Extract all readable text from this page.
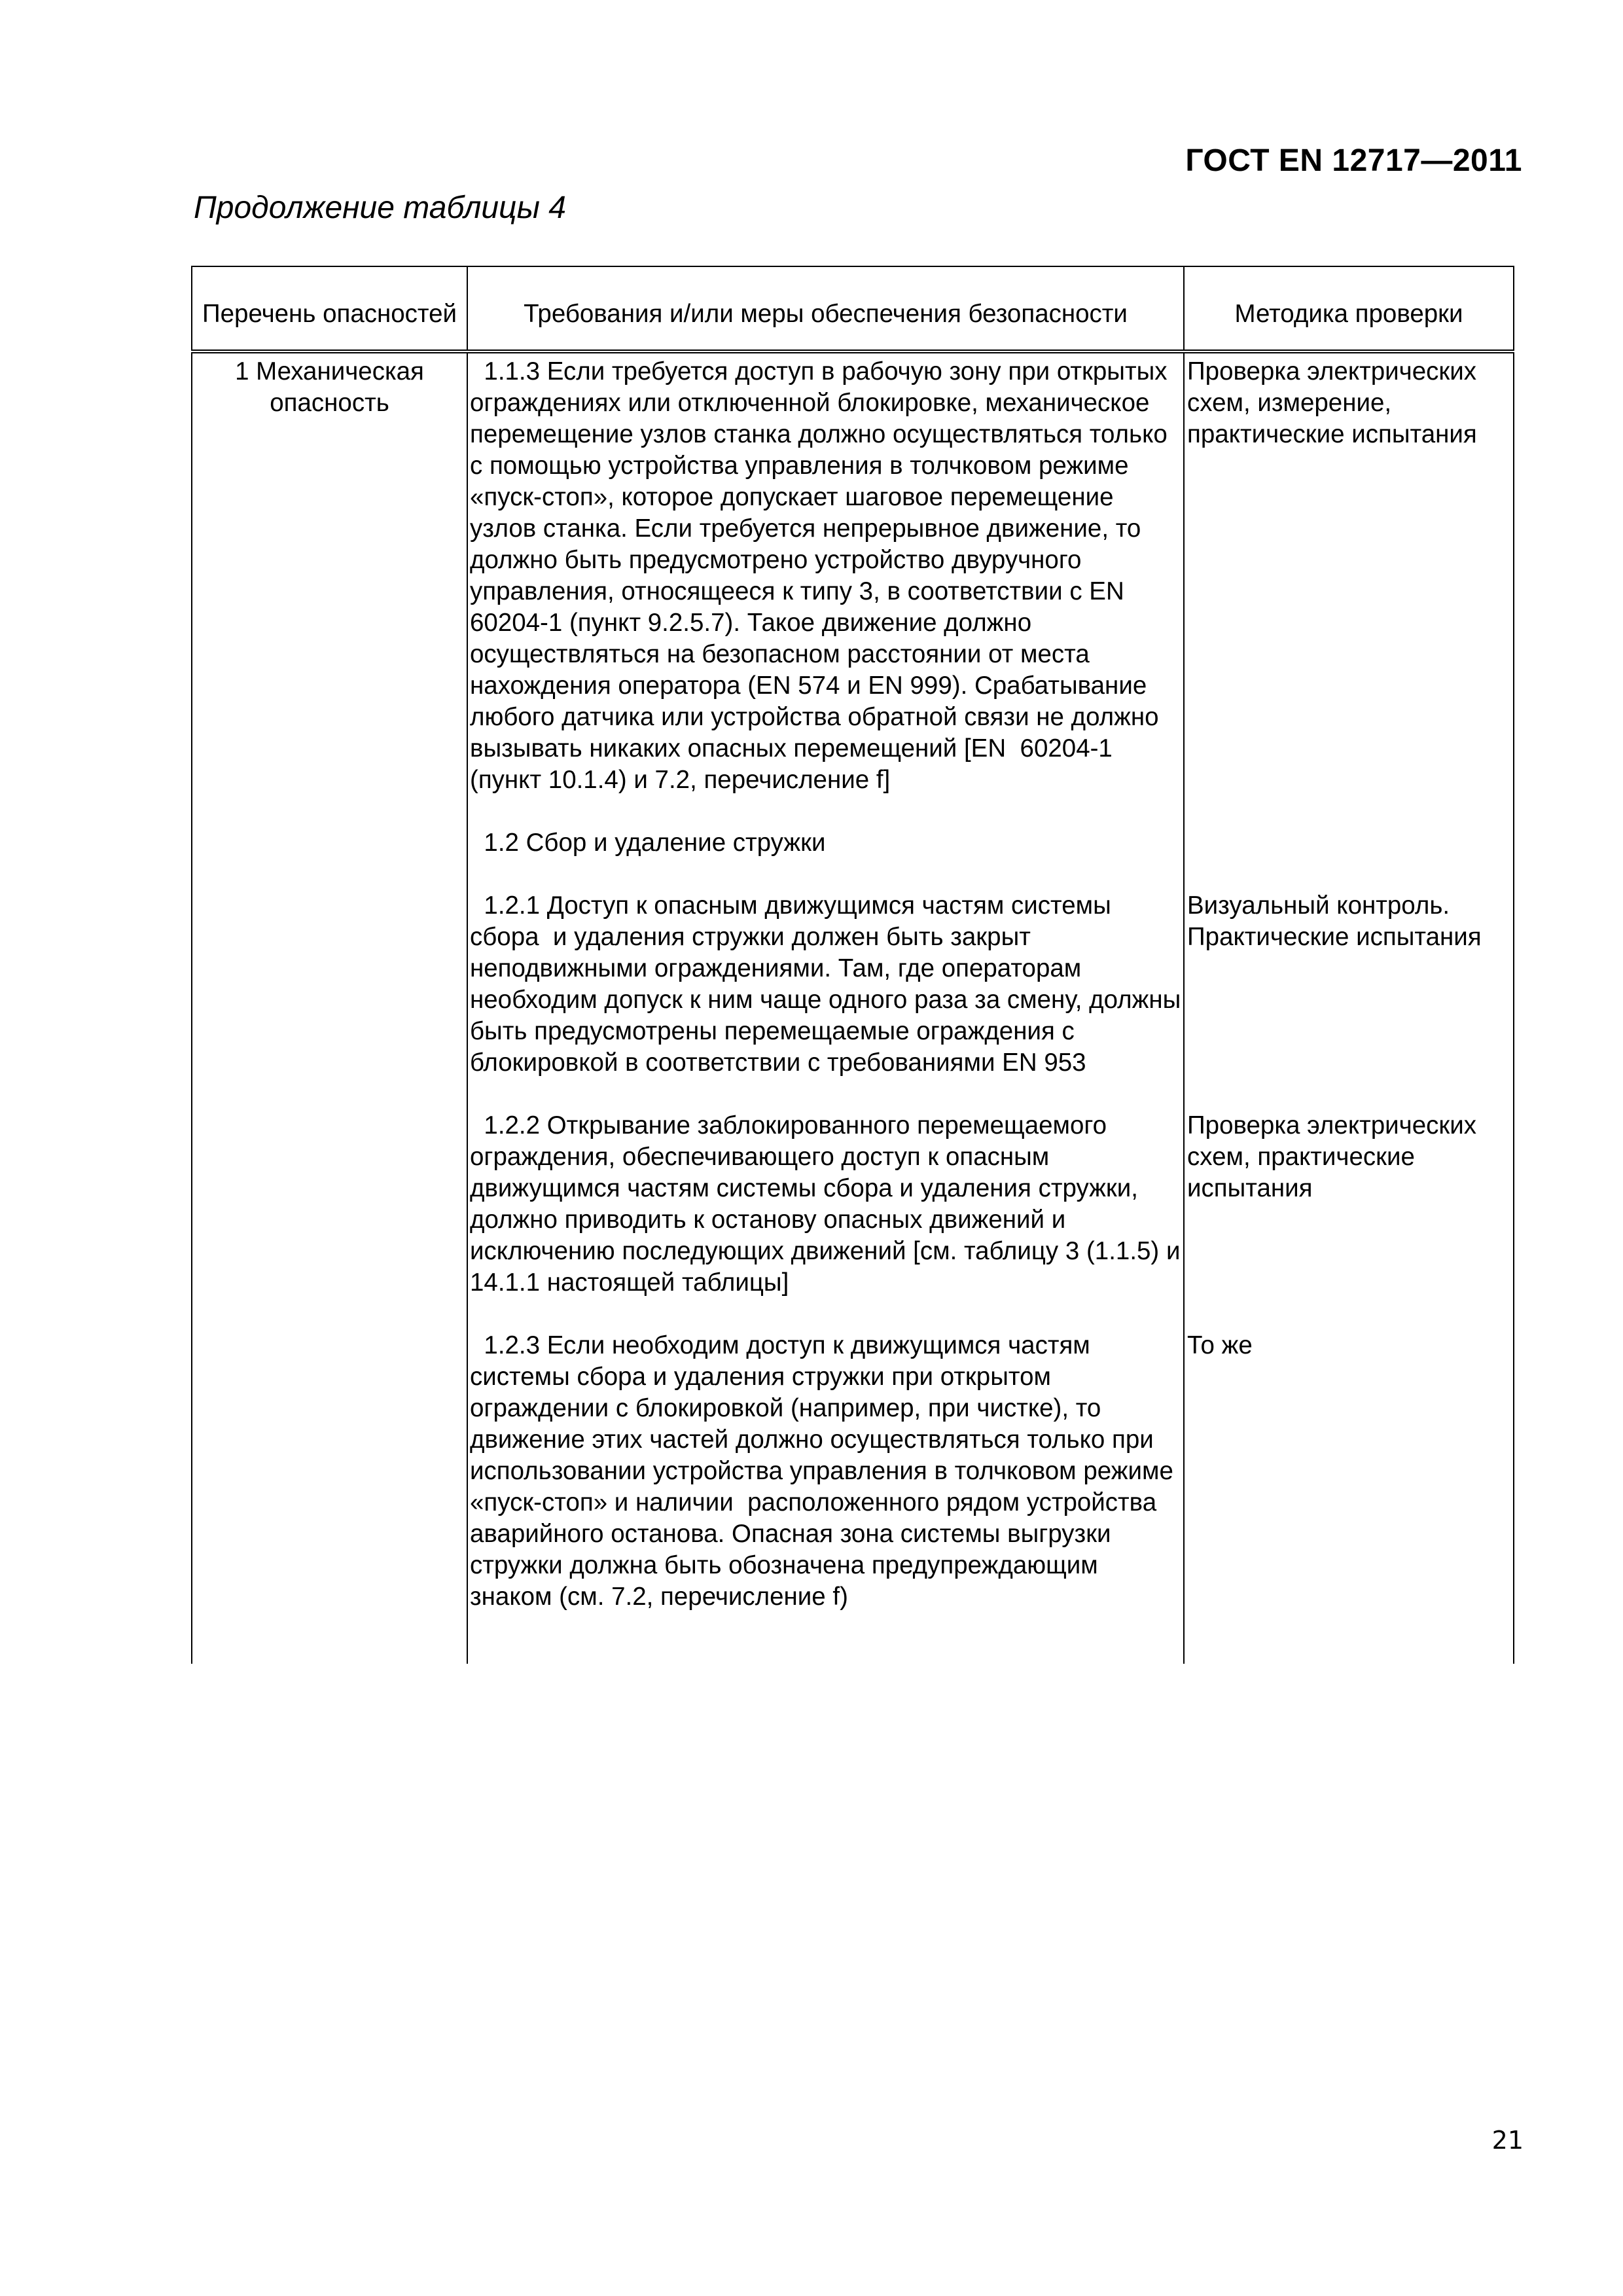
ГОСТ EN 12717—2011
Продолжение таблицы 4
Перечень опасностей	Требования и/или меры обеспечения безопасности	Методика проверки
1 Механическая опасность	1.1.3 Если требуется доступ в рабочую зону при открытых ограждениях или отключенной блокировке, механическое перемещение узлов станка должно осуществляться только  с помощью устройства управления в толчковом режиме «пуск-стоп», которое допускает шаговое перемещение узлов станка. Если требуется непрерывное движение, то должно быть предусмотрено устройство двуручного управления, относящееся к типу 3, в соответствии с EN 60204-1 (пункт 9.2.5.7). Такое движение должно осуществляться на безопасном расстоянии от места нахождения оператора (EN 574 и EN 999). Срабатывание любого датчика или устройства обратной связи не должно вызывать никаких опасных перемещений [EN  60204-1 (пункт 10.1.4) и 7.2, перечисление f]	Проверка электрических схем, измерение, практические испытания

	1.2 Сбор и удаление стружки	

	1.2.1 Доступ к опасным движущимся частям системы сбора  и удаления стружки должен быть закрыт неподвижными ограждениями. Там, где операторам необходим допуск к ним чаще одного раза за смену, должны быть предусмотрены перемещаемые ограждения с блокировкой в соответствии с требованиями EN 953	Визуальный контроль. Практические испытания

	1.2.2 Открывание заблокированного перемещаемого ограждения, обеспечивающего доступ к опасным движущимся частям системы сбора и удаления стружки, должно приводить к останову опасных движений и исключению последующих движений [см. таблицу 3 (1.1.5) и 14.1.1 настоящей таблицы]	Проверка электрических схем, практические испытания

	1.2.3 Если необходим доступ к движущимся частям системы сбора и удаления стружки при открытом ограждении с блокировкой (например, при чистке), то движение этих частей должно осуществляться только при использовании устройства управления в толчковом режиме «пуск-стоп» и наличии  расположенного рядом устройства аварийного останова. Опасная зона системы выгрузки стружки должна быть обозначена предупреждающим знаком (см. 7.2, перечисление f)	То же

21
